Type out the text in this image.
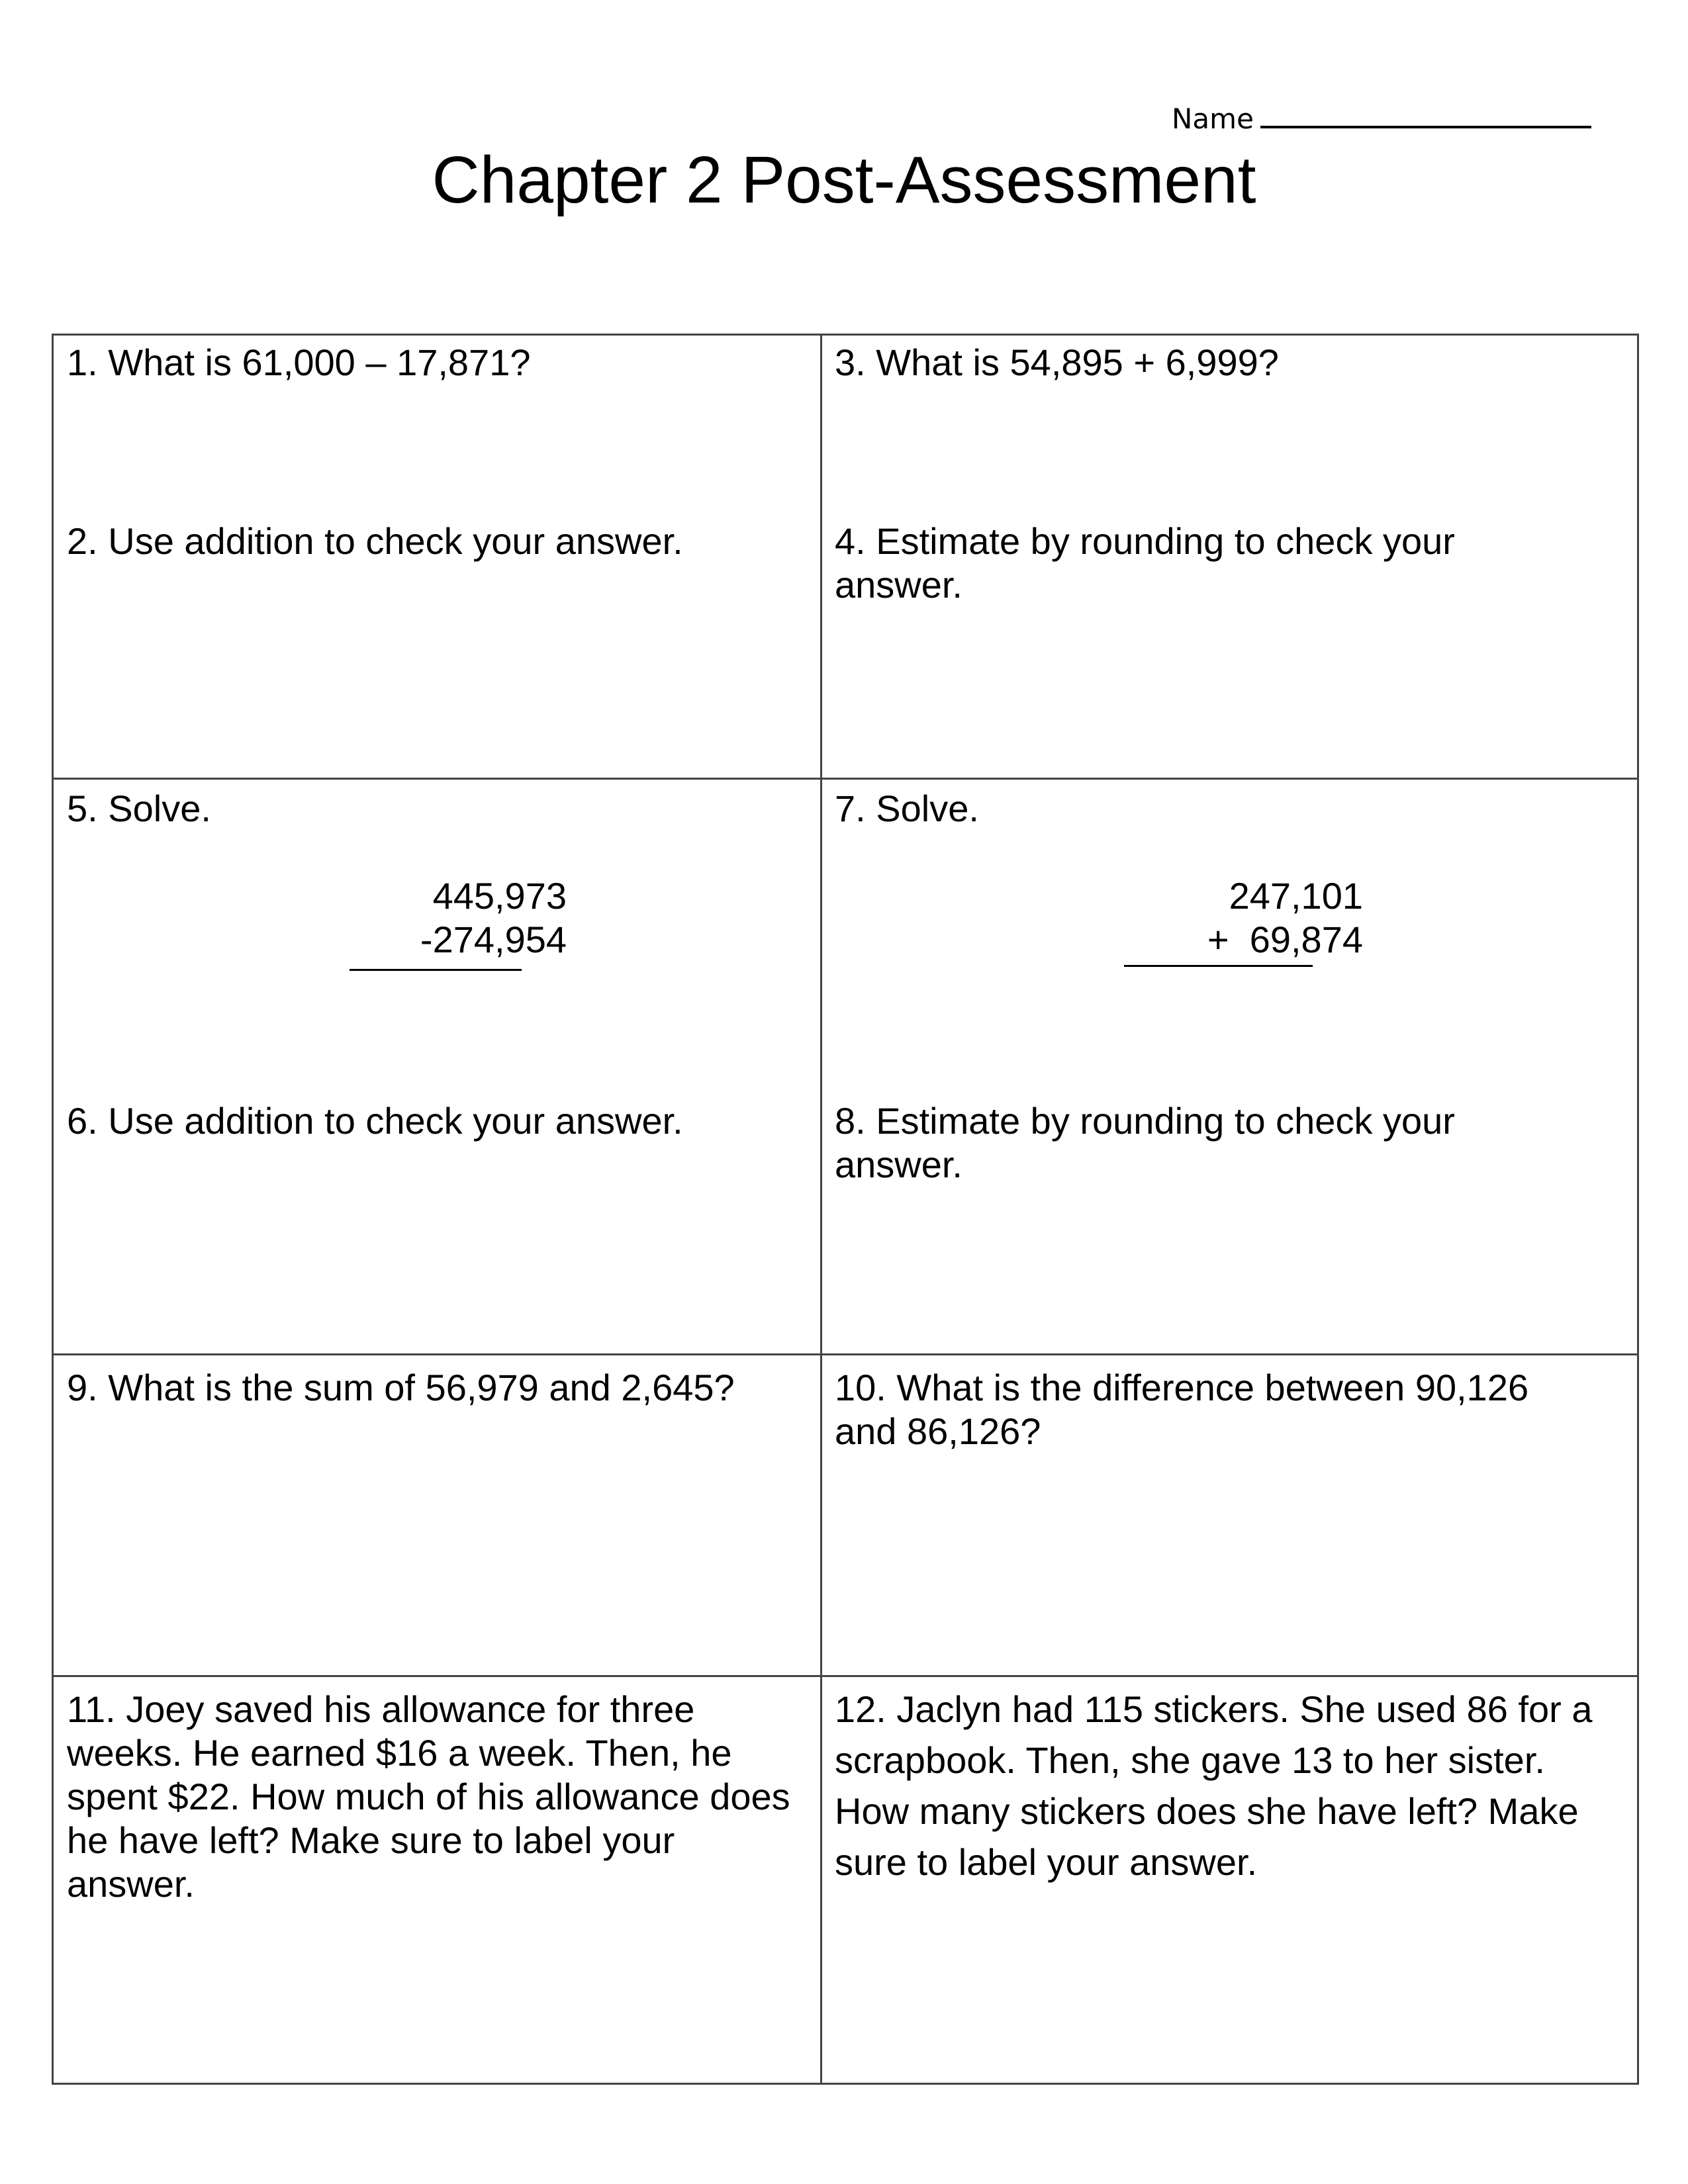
Name
Chapter 2 Post-Assessment
1. What is 61,000 – 17,871?	3. What is 54,895 + 6,999?
2. Use addition to check your answer.	4. Estimate by rounding to check your answer.
5. Solve.	7. Solve.
445,973
-274,954
247,101
+  69,874
6. Use addition to check your answer.	8. Estimate by rounding to check your answer.
9. What is the sum of 56,979 and 2,645?	10. What is the difference between 90,126 and 86,126?
11. Joey saved his allowance for three weeks. He earned $16 a week. Then, he spent $22. How much of his allowance does he have left? Make sure to label your answer.
12. Jaclyn had 115 stickers. She used 86 for a scrapbook. Then, she gave 13 to her sister. How many stickers does she have left? Make sure to label your answer.
